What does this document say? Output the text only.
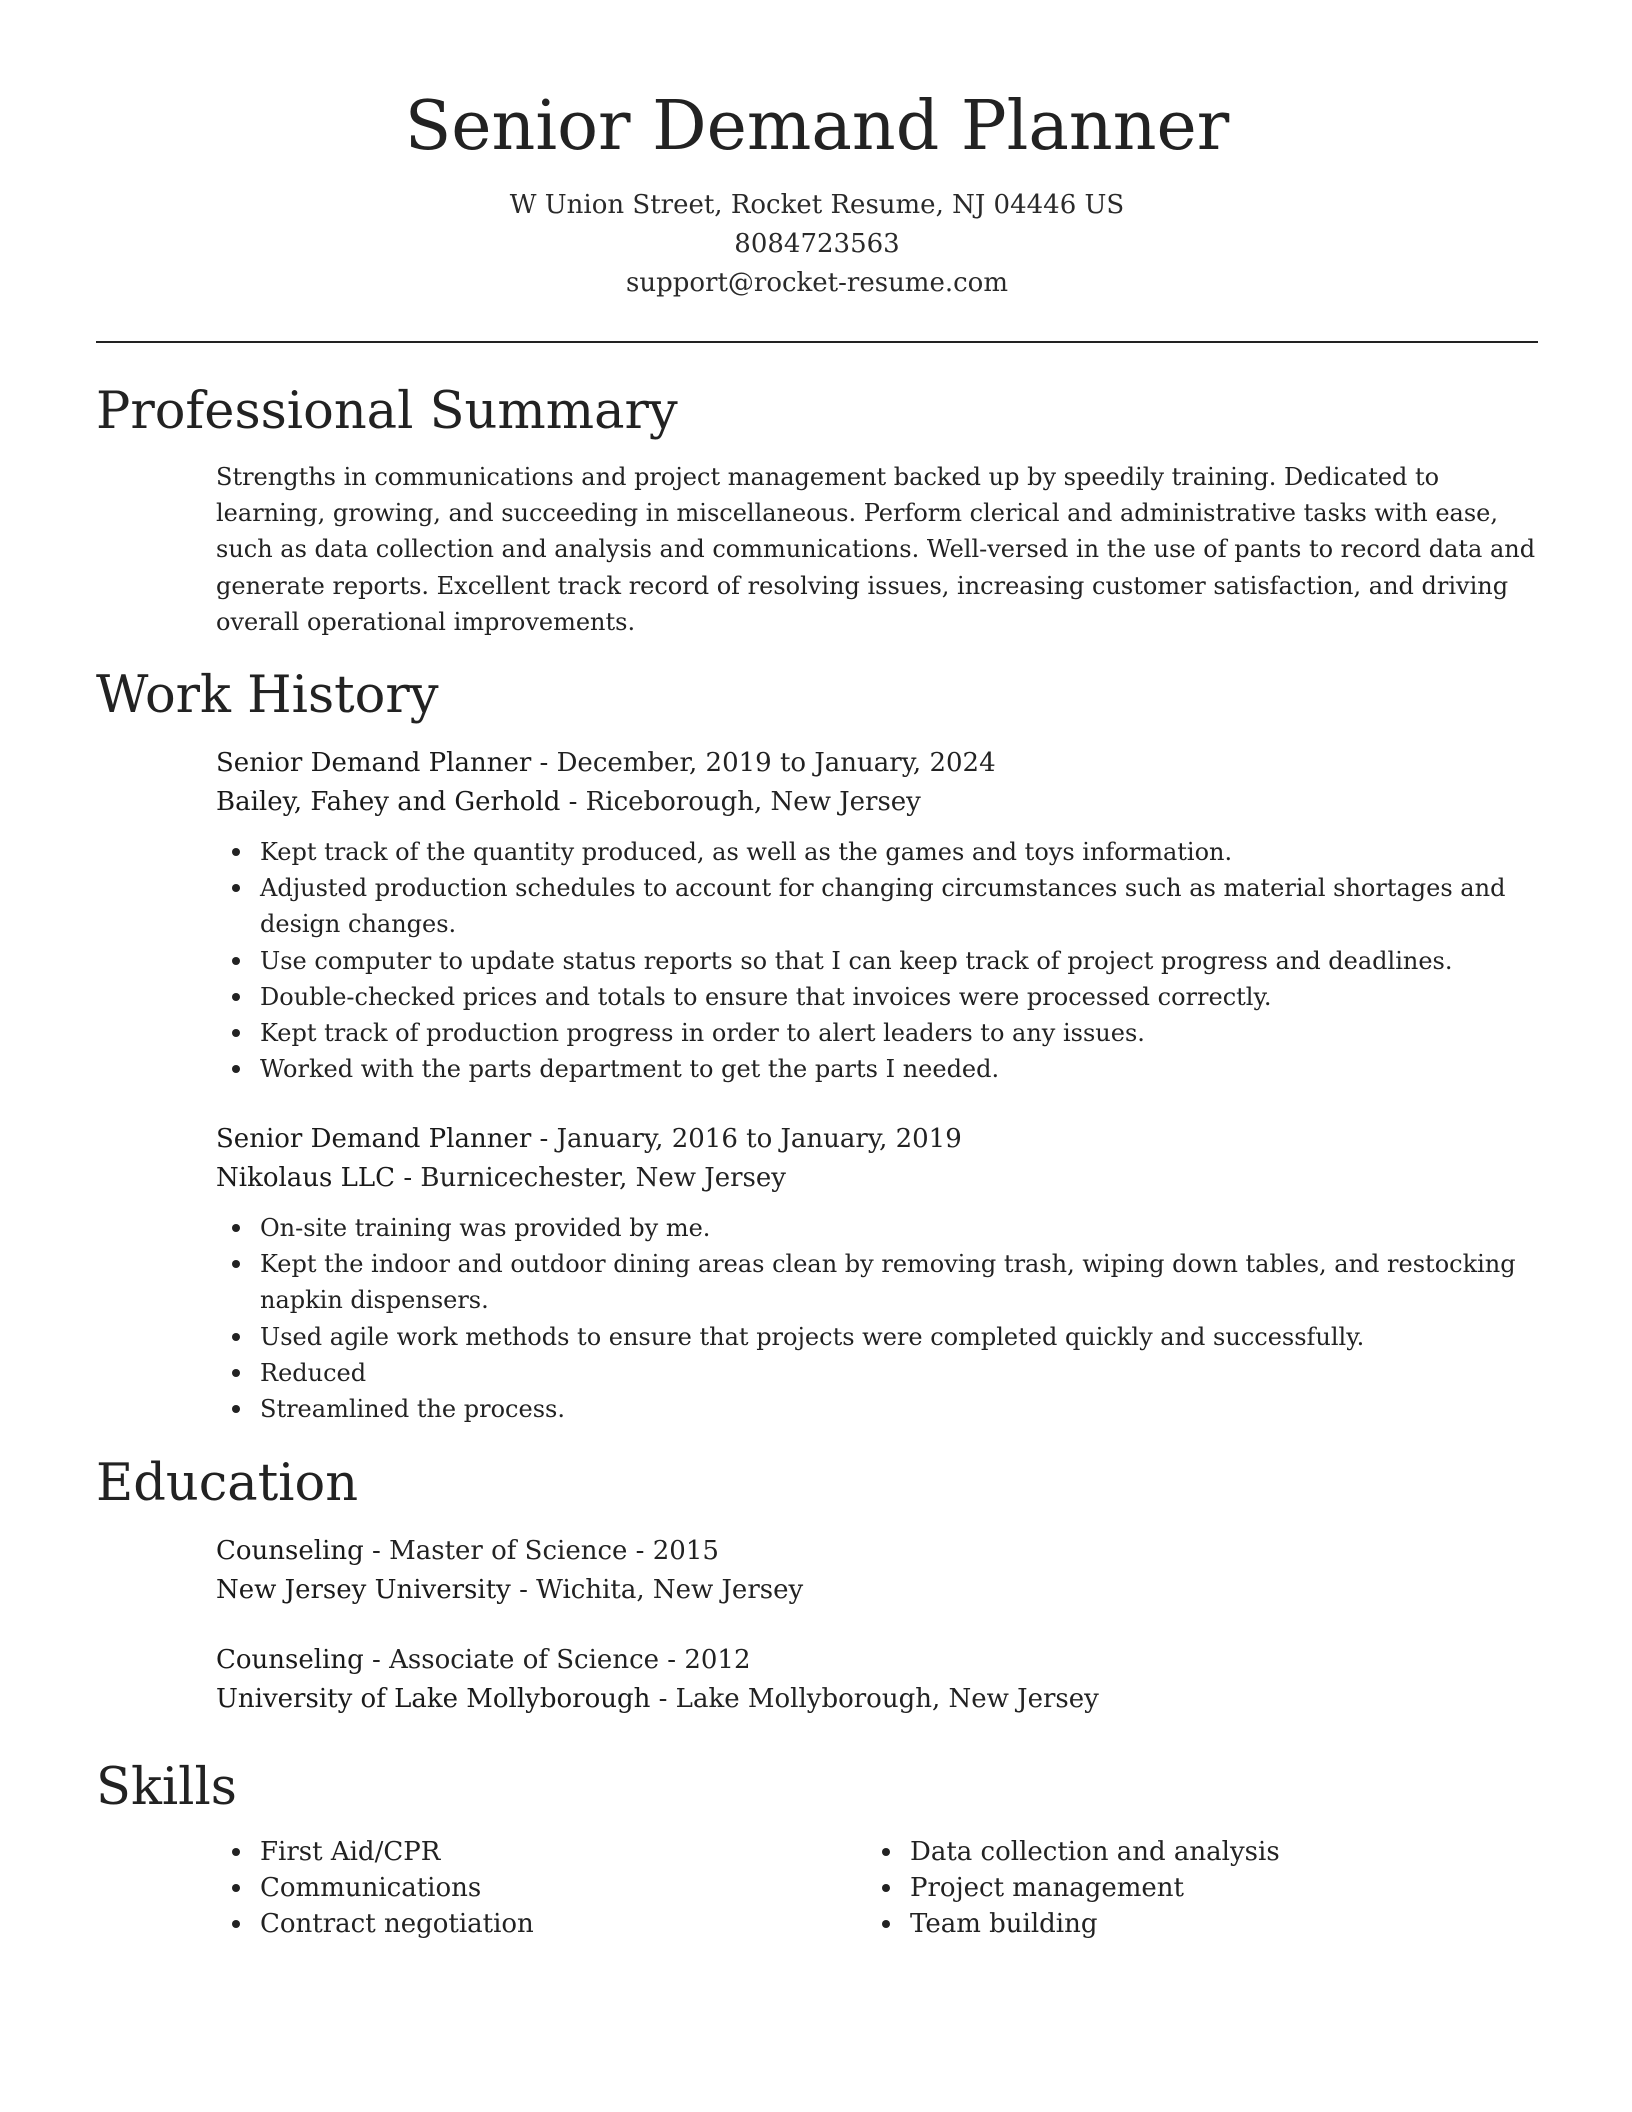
Senior Demand Planner
W Union Street, Rocket Resume, NJ 04446 US
8084723563
support@rocket-resume.com
Professional Summary
Strengths in communications and project management backed up by speedily training. Dedicated to learning, growing, and succeeding in miscellaneous. Perform clerical and administrative tasks with ease, such as data collection and analysis and communications. Well-versed in the use of pants to record data and generate reports. Excellent track record of resolving issues, increasing customer satisfaction, and driving overall operational improvements.
Work History
Senior Demand Planner - December, 2019 to January, 2024
Bailey, Fahey and Gerhold - Riceborough, New Jersey
Kept track of the quantity produced, as well as the games and toys information.
Adjusted production schedules to account for changing circumstances such as material shortages and design changes.
Use computer to update status reports so that I can keep track of project progress and deadlines.
Double-checked prices and totals to ensure that invoices were processed correctly.
Kept track of production progress in order to alert leaders to any issues.
Worked with the parts department to get the parts I needed.
Senior Demand Planner - January, 2016 to January, 2019
Nikolaus LLC - Burnicechester, New Jersey
On-site training was provided by me.
Kept the indoor and outdoor dining areas clean by removing trash, wiping down tables, and restocking napkin dispensers.
Used agile work methods to ensure that projects were completed quickly and successfully.
Reduced
Streamlined the process.
Education
Counseling - Master of Science - 2015
New Jersey University - Wichita, New Jersey
Counseling - Associate of Science - 2012
University of Lake Mollyborough - Lake Mollyborough, New Jersey
Skills
First Aid/CPR
Communications
Contract negotiation
Data collection and analysis
Project management
Team building
